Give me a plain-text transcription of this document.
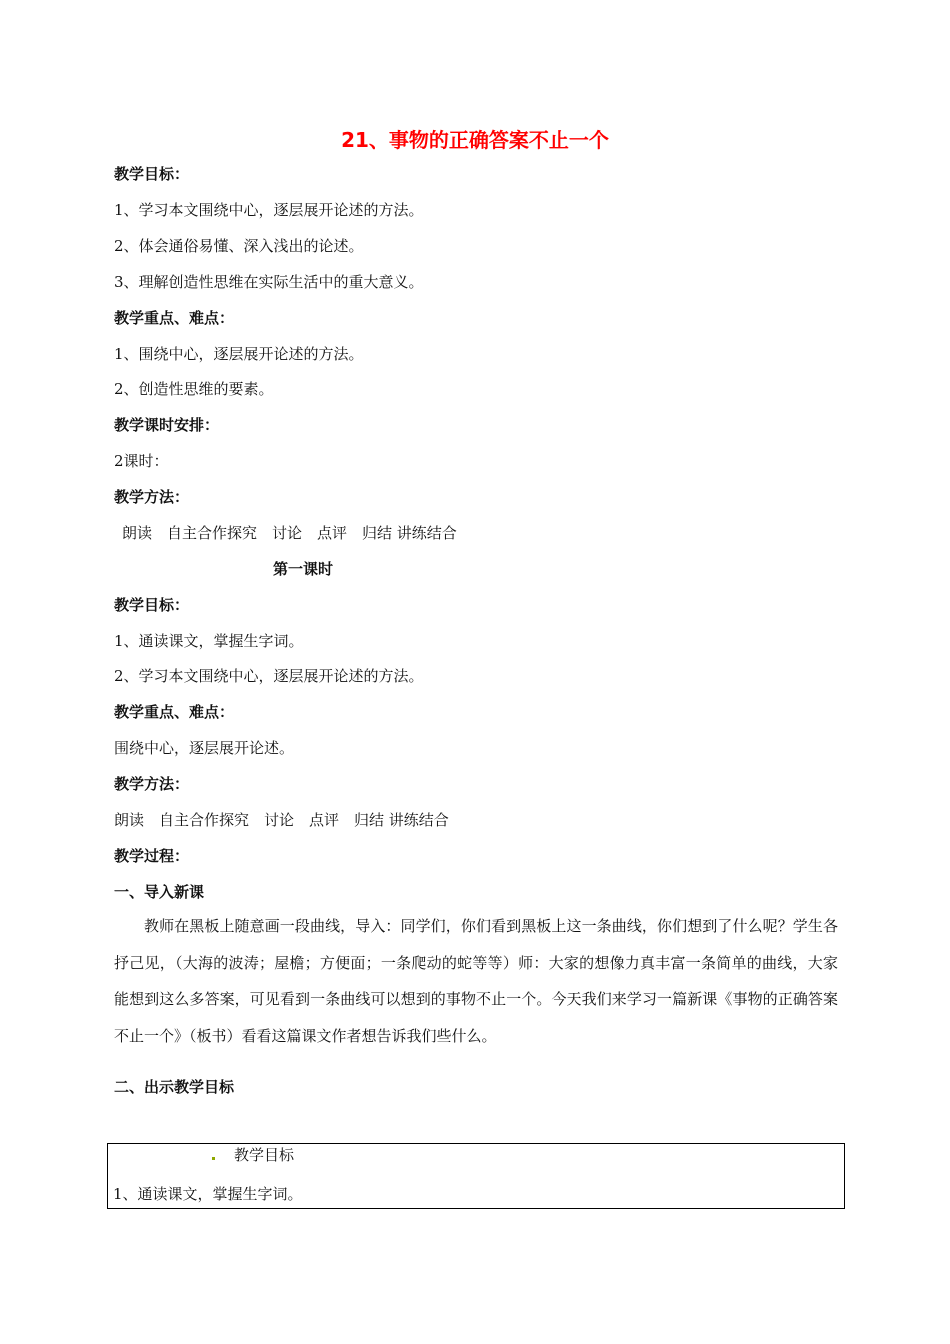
21、事物的正确答案不止一个
教学目标：
1、学习本文围绕中心，逐层展开论述的方法。
2、体会通俗易懂、深入浅出的论述。
3、理解创造性思维在实际生活中的重大意义。
教学重点、难点：
1、围绕中心，逐层展开论述的方法。
2、创造性思维的要素。
教学课时安排：
2课时：
教学方法：
朗读　自主合作探究　讨论　点评　归结 讲练结合
第一课时
教学目标：
1、通读课文，掌握生字词。
2、学习本文围绕中心，逐层展开论述的方法。
教学重点、难点：
围绕中心，逐层展开论述。
教学方法：
朗读　自主合作探究　讨论　点评　归结 讲练结合
教学过程：
一、导入新课
教师在黑板上随意画一段曲线，导入：同学们，你们看到黑板上这一条曲线，你们想到了什么呢？学生各抒己见，（大海的波涛；屋檐；方便面；一条爬动的蛇等等）师：大家的想像力真丰富一条简单的曲线，大家能想到这么多答案，可见看到一条曲线可以想到的事物不止一个。今天我们来学习一篇新课《事物的正确答案不止一个》（板书）看看这篇课文作者想告诉我们些什么。
二、出示教学目标
教学目标
1、通读课文，掌握生字词。
